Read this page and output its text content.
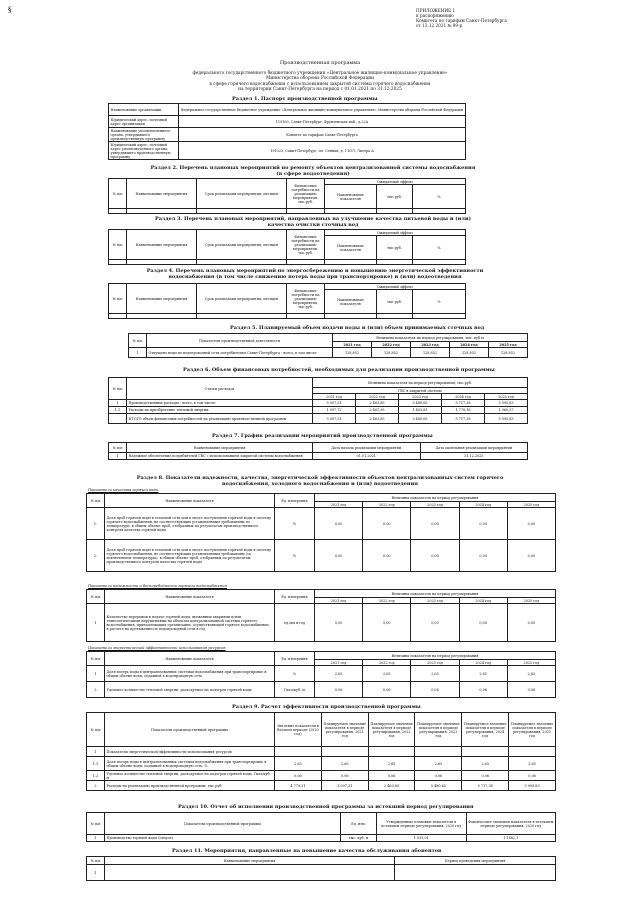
§	ПРИЛОЖЕНИЕ 1
к распоряжению
Комитета по тарифам Санкт-Петербурга
от 13.12.2021 № 99-р
Производственная программа
федерального государственного бюджетного учреждения «Центральное жилищно-коммунальное управление»
Министерства обороны Российской Федерации
в сфере горячего водоснабжения с использованием закрытой системы горячего водоснабжения
на территории Санкт-Петербурга на период с 01.01.2021 по 31.12.2025
Раздел 1. Паспорт производственной программы
Наименование организации	Федеральное государственное бюджетное учреждение «Центральное жилищно-коммунальное управление» Министерства обороны Российской Федерации
Юридический адрес, почтовый адрес организации	119160, Санкт-Петербург, Фрунзенская наб., д.22А
Наименование уполномоченного органа, утвердившего производственную программу	Комитет по тарифам Санкт-Петербурга
Юридический адрес, почтовый адрес уполномоченного органа, утвердившего производственную программу	191023, Санкт-Петербург, пл. Сенная, д. 1 ЮЛ, Литера А
Раздел 2. Перечень плановых мероприятий по ремонту объектов централизованной системы водоснабжения (в сфере водоотведения)
№ п/п	Наименование мероприятия	Срок реализации мероприятия, месяцев	Финансовые потребности на реализацию мероприятия, тыс.руб.	Ожидаемый эффект		
				Наименование показателя	тыс.руб.	%

Раздел 3. Перечень плановых мероприятий, направленных на улучшение качества питьевой воды и (или) качества очистки сточных вод
№ п/п	Наименование мероприятия	Срок реализации мероприятия, месяцев	Финансовые потребности на реализацию мероприятия, тыс.руб.	Ожидаемый эффект		
				Наименование показателя	тыс.руб.	%

Раздел 4. Перечень плановых мероприятий по энергосбережению и повышению энергетической эффективности водоснабжения (в том числе снижению потерь воды при транспортировке) и (или) водоотведения
№ п/п	Наименование мероприятия	Срок реализации мероприятия, месяцев	Финансовые потребности на реализацию мероприятия, тыс.руб.	Ожидаемый эффект		
				Наименование показателя	тыс.руб.	%

Раздел 5. Планируемый объем подачи воды и (или) объем принимаемых сточных вод
№ п/п	Показатели производственной деятельности	Величина показателя на период регулирования, тыс. куб.м				
		2021 год	2022 год	2023 год	2024 год	2025 год
1	Отпущено воды по водопроводной сети потребителям Санкт-Петербурга - всего, в том числе:	128,852	128,852	128,852	128,852	128,852
Раздел 6. Объем финансовых потребностей, необходимых для реализации производственной программы
№ п/п	Статьи расходов	Величина показателя на период регулирования, тыс.руб.				
		ГВС в закрытой системе				
		2021 год	2022 год	2023 год	2024 год	2025 год
1	Производственные расходы - всего, в том числе:	5 007,31	2 463,85	5 480,65	5 717,38	5 995,83
1.1	Расходы на приобретение тепловой энергии	1 997,72	2 461,95	1 403,81	1 778,18	1 960,57
	ИТОГО объем финансовых потребностей на реализацию производственной программы	5 007,31	2 463,85	5 480,65	5 717,38	5 995,83
Раздел 7. График реализации мероприятий производственной программы
№ п/п	Наименование мероприятия	Дата начала реализации мероприятий	Дата окончания реализации мероприятий
1	Надежное обеспечение потребителей ГВС с использованием закрытой системы водоснабжения	01.01.2021	31.12.2025
Раздел 8. Показатели надежности, качества, энергетической эффективности объектов централизованных систем горячего
водоснабжения, холодного водоснабжения и (или) водоотведения
Показатели качества горячей воды
№ п/п	Наименование показателя	Ед. измерения	Величина показателя на период регулирования				
			2021 год	2022 год	2023 год	2024 год	2025 год
1.	Доля проб горячей воды в тепловой сети или в месте поступления горячей воды в систему горячего водоснабжения, не соответствующих установленным требованиям по температуре, в общем объеме проб, отобранных по результатам производственного контроля качества горячей воды	%	0,00	0,00	0,00	0,00	0,00
2.	Доля проб горячей воды в тепловой сети или в месте поступления горячей воды в систему горячего водоснабжения, не соответствующих установленным требованиям (за исключением температуры), в общем объеме проб, отобранных по результатам производственного контроля качества горячей воды	%	0,00	0,00	0,00	0,00	0,00
Показатели надежности и бесперебойности горячего водоснабжения
№ п/п	Наименование показателя	Ед. измерения	Величина показателя на период регулирования				
			2021 год	2022 год	2023 год	2024 год	2025 год
1	Количество перерывов в подаче горячей воды, вызванных авариями и/или технологическими нарушениями на объектах централизованной системы горячего водоснабжения, принадлежащих организации, осуществляющей горячее водоснабжение, в расчете на протяженность водопроводной сети в год	ед./км в год	0,00	0,00	0,00	0,00	0,00
Показатели энергетической эффективности использования ресурсов
№ п/п	Наименование показателя	Ед. измерения	Величина показателя на период регулирования				
			2021 год	2022 год	2023 год	2024 год	2025 год
1	Доля потерь воды в централизованных системах водоснабжения при транспортировке в общем объеме воды, поданной в водопроводную сеть	%	2,65	2,65	2,65	2,65	2,65
2	Удельное количество тепловой энергии, расходуемое на подогрев горячей воды	Гкал/куб. м	0,06	0,06	0,06	0,06	0,06
Раздел 9. Расчет эффективности производственной программы
№ п/п	Показатели производственной программы	Значение показателя в базовом периоде (2020 год)	Планируемое значение показателя в периоде регулирования, 2021 год	Планируемое значение показателя в периоде регулирования, 2022 год	Планируемое значение показателя в периоде регулирования, 2023 год	Планируемое значение показателя в периоде регулирования, 2024 год	Планируемое значение показателя в периоде регулирования, 2025 год
1	Показатели энергетической эффективности использования ресурсов						
1.1	Доля потерь воды в централизованных системах водоснабжения при транспортировке в общем объеме воды, поданной в водопроводную сеть, %	2,65	2,65	2,65	2,65	2,65	2,65
1.2	Удельное количество тепловой энергии, расходуемое на подогрев горячей воды, Гкал/куб. м	0,06	0,06	0,06	0,06	0,06	0,06
2	Расходы на реализацию производственной программы, тыс.руб.	4 779,31	5 007,31	2 463,85	5 480,65	5 717,38	5 995,83
Раздел 10. Отчет об исполнении производственной программы за истекший период регулирования
№ п/п	Показатели производственной программы	Ед. изм.	Утвержденные плановые показатели в истекшем периоде регулирования, 2020 год	Фактические значения показателя в истекшем периоде регулирования, 2020 год
1	Производство горячей воды (отпуск)	тыс. куб. м	1 935,01	1 1682,1
Раздел 11. Мероприятия, направленные на повышение качества обслуживания абонентов
№ п/п	Наименование мероприятия	Период проведения мероприятия
1		
